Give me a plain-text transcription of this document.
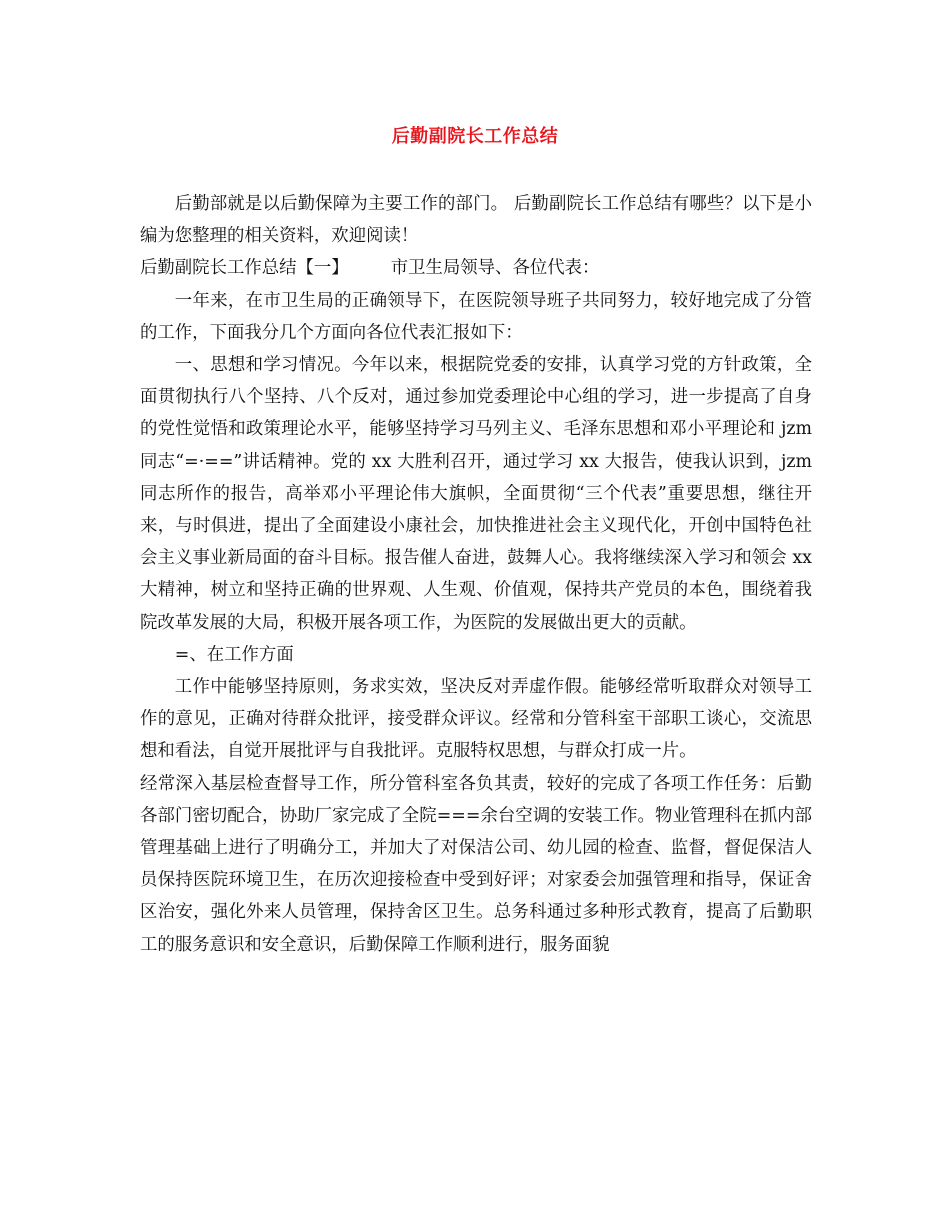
后勤副院长工作总结

后勤部就是以后勤保障为主要工作的部门。 后勤副院长工作总结有哪些？以下是小编为您整理的相关资料，欢迎阅读！

后勤副院长工作总结【一】 市卫生局领导、各位代表：

一年来，在市卫生局的正确领导下，在医院领导班子共同努力，较好地完成了分管的工作，下面我分几个方面向各位代表汇报如下：

一、思想和学习情况。今年以来，根据院党委的安排，认真学习党的方针政策，全面贯彻执行八个坚持、八个反对，通过参加党委理论中心组的学习，进一步提高了自身的党性觉悟和政策理论水平，能够坚持学习马列主义、毛泽东思想和邓小平理论和 jzm 同志“=·==”讲话精神。党的 xx 大胜利召开，通过学习 xx 大报告，使我认识到，jzm 同志所作的报告，高举邓小平理论伟大旗帜，全面贯彻“三个代表”重要思想，继往开来，与时俱进，提出了全面建设小康社会，加快推进社会主义现代化，开创中国特色社会主义事业新局面的奋斗目标。报告催人奋进，鼓舞人心。我将继续深入学习和领会 xx 大精神，树立和坚持正确的世界观、人生观、价值观，保持共产党员的本色，围绕着我院改革发展的大局，积极开展各项工作，为医院的发展做出更大的贡献。

=、在工作方面

工作中能够坚持原则，务求实效，坚决反对弄虚作假。能够经常听取群众对领导工作的意见，正确对待群众批评，接受群众评议。经常和分管科室干部职工谈心，交流思想和看法，自觉开展批评与自我批评。克服特权思想，与群众打成一片。

经常深入基层检查督导工作，所分管科室各负其责，较好的完成了各项工作任务：后勤各部门密切配合，协助厂家完成了全院===余台空调的安装工作。物业管理科在抓内部管理基础上进行了明确分工，并加大了对保洁公司、幼儿园的检查、监督，督促保洁人员保持医院环境卫生，在历次迎接检查中受到好评；对家委会加强管理和指导，保证舍区治安，强化外来人员管理，保持舍区卫生。总务科通过多种形式教育，提高了后勤职工的服务意识和安全意识，后勤保障工作顺利进行，服务面貌
